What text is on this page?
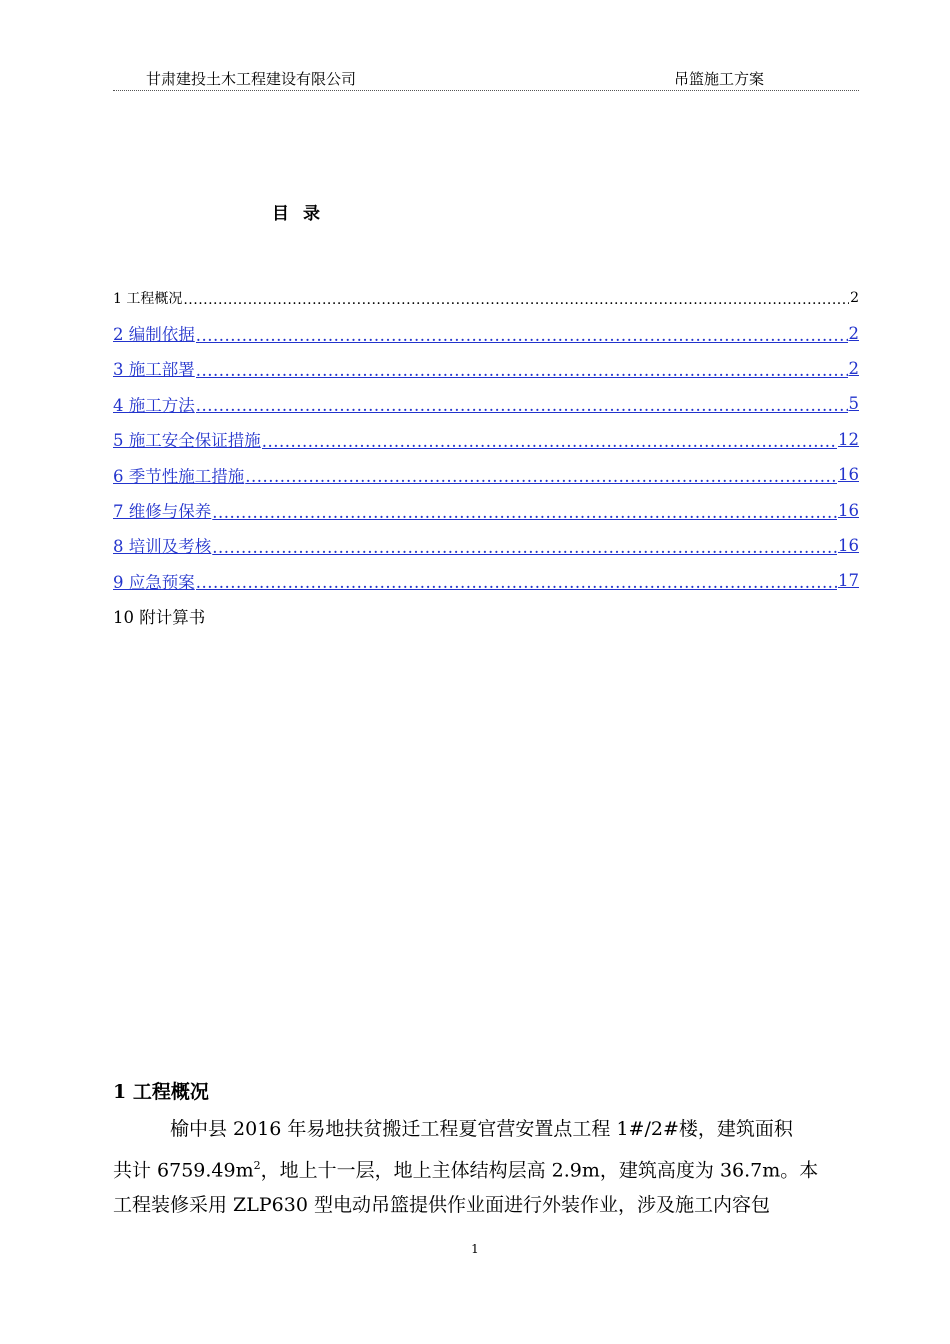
甘肃建投土木工程建设有限公司	吊篮施工方案
目录
1 工程概况 .....	2
2 编制依据 .....	2
3 施工部署 .....	2
4 施工方法 .....	5
5 施工安全保证措施 .....	12
6 季节性施工措施 .....	16
7 维修与保养 .....	16
8 培训及考核 .....	16
9 应急预案 .....	17
10 附计算书
1 工程概况

榆中县 2016 年易地扶贫搬迁工程夏官营安置点工程 1#/2#楼，建筑面积

共计 $6759.49m^2$，地上十一层，地上主体结构层高 2.9m，建筑高度为 36.7m。本

工程装修采用 ZLP630 型电动吊篮提供作业面进行外装作业，涉及施工内容包

1
